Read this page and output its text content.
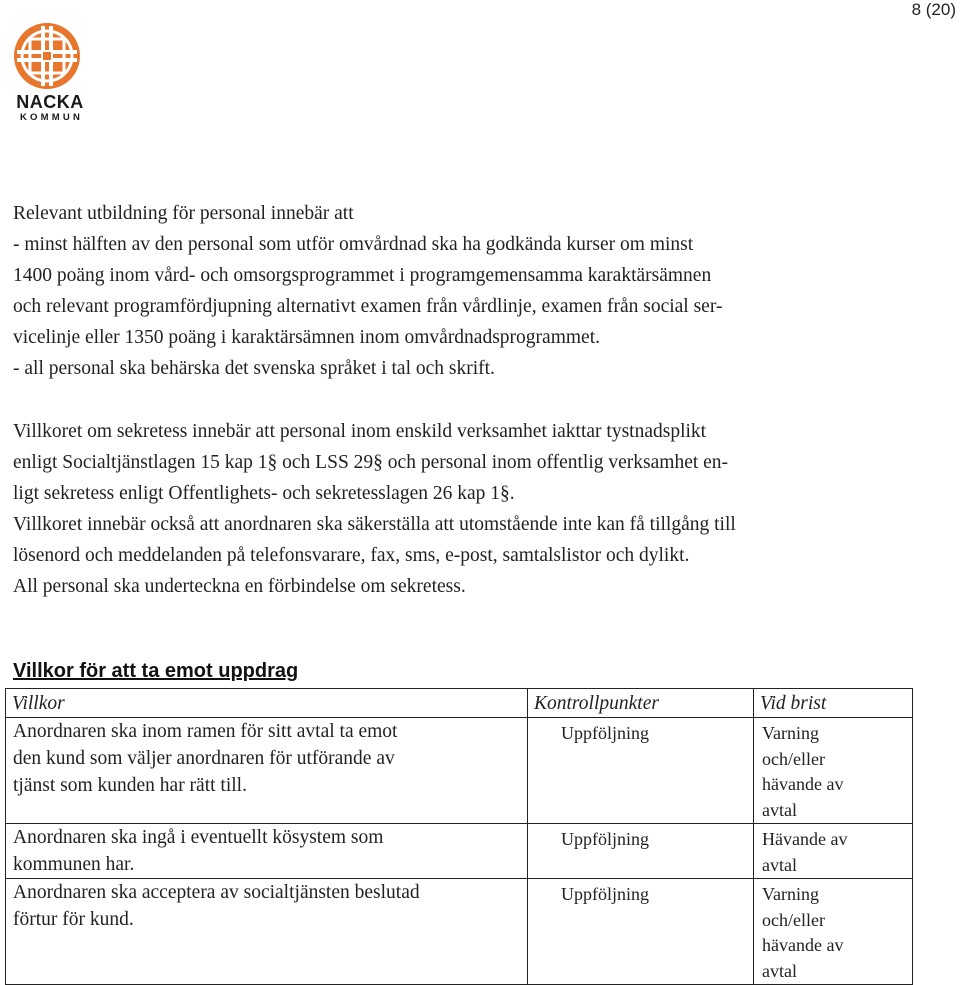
8 (20)
NACKA
KOMMUN

Relevant utbildning för personal innebär att

- minst hälften av den personal som utför omvårdnad ska ha godkända kurser om minst

1400 poäng inom vård- och omsorgsprogrammet i programgemensamma karaktärsämnen

och relevant programfördjupning alternativt examen från vårdlinje, examen från social ser-

vicelinje eller 1350 poäng i karaktärsämnen inom omvårdnadsprogrammet.

- all personal ska behärska det svenska språket i tal och skrift.

Villkoret om sekretess innebär att personal inom enskild verksamhet iakttar tystnadsplikt

enligt Socialtjänstlagen 15 kap 1§ och LSS 29§ och personal inom offentlig verksamhet en-

ligt sekretess enligt Offentlighets- och sekretesslagen 26 kap 1§.

Villkoret innebär också att anordnaren ska säkerställa att utomstående inte kan få tillgång till

lösenord och meddelanden på telefonsvarare, fax, sms, e-post, samtalslistor och dylikt.

All personal ska underteckna en förbindelse om sekretess.

Villkor för att ta emot uppdrag
Villkor	Kontrollpunkter	Vid brist

Anordnaren ska inom ramen för sitt avtal ta emot
den kund som väljer anordnaren för utförande av
tjänst som kunden har rätt till.	Uppföljning	Varning
och/eller
hävande av
avtal

Anordnaren ska ingå i eventuellt kösystem som
kommunen har.	Uppföljning	Hävande av
avtal

Anordnaren ska acceptera av socialtjänsten beslutad
förtur för kund.	Uppföljning	Varning
och/eller
hävande av
avtal
